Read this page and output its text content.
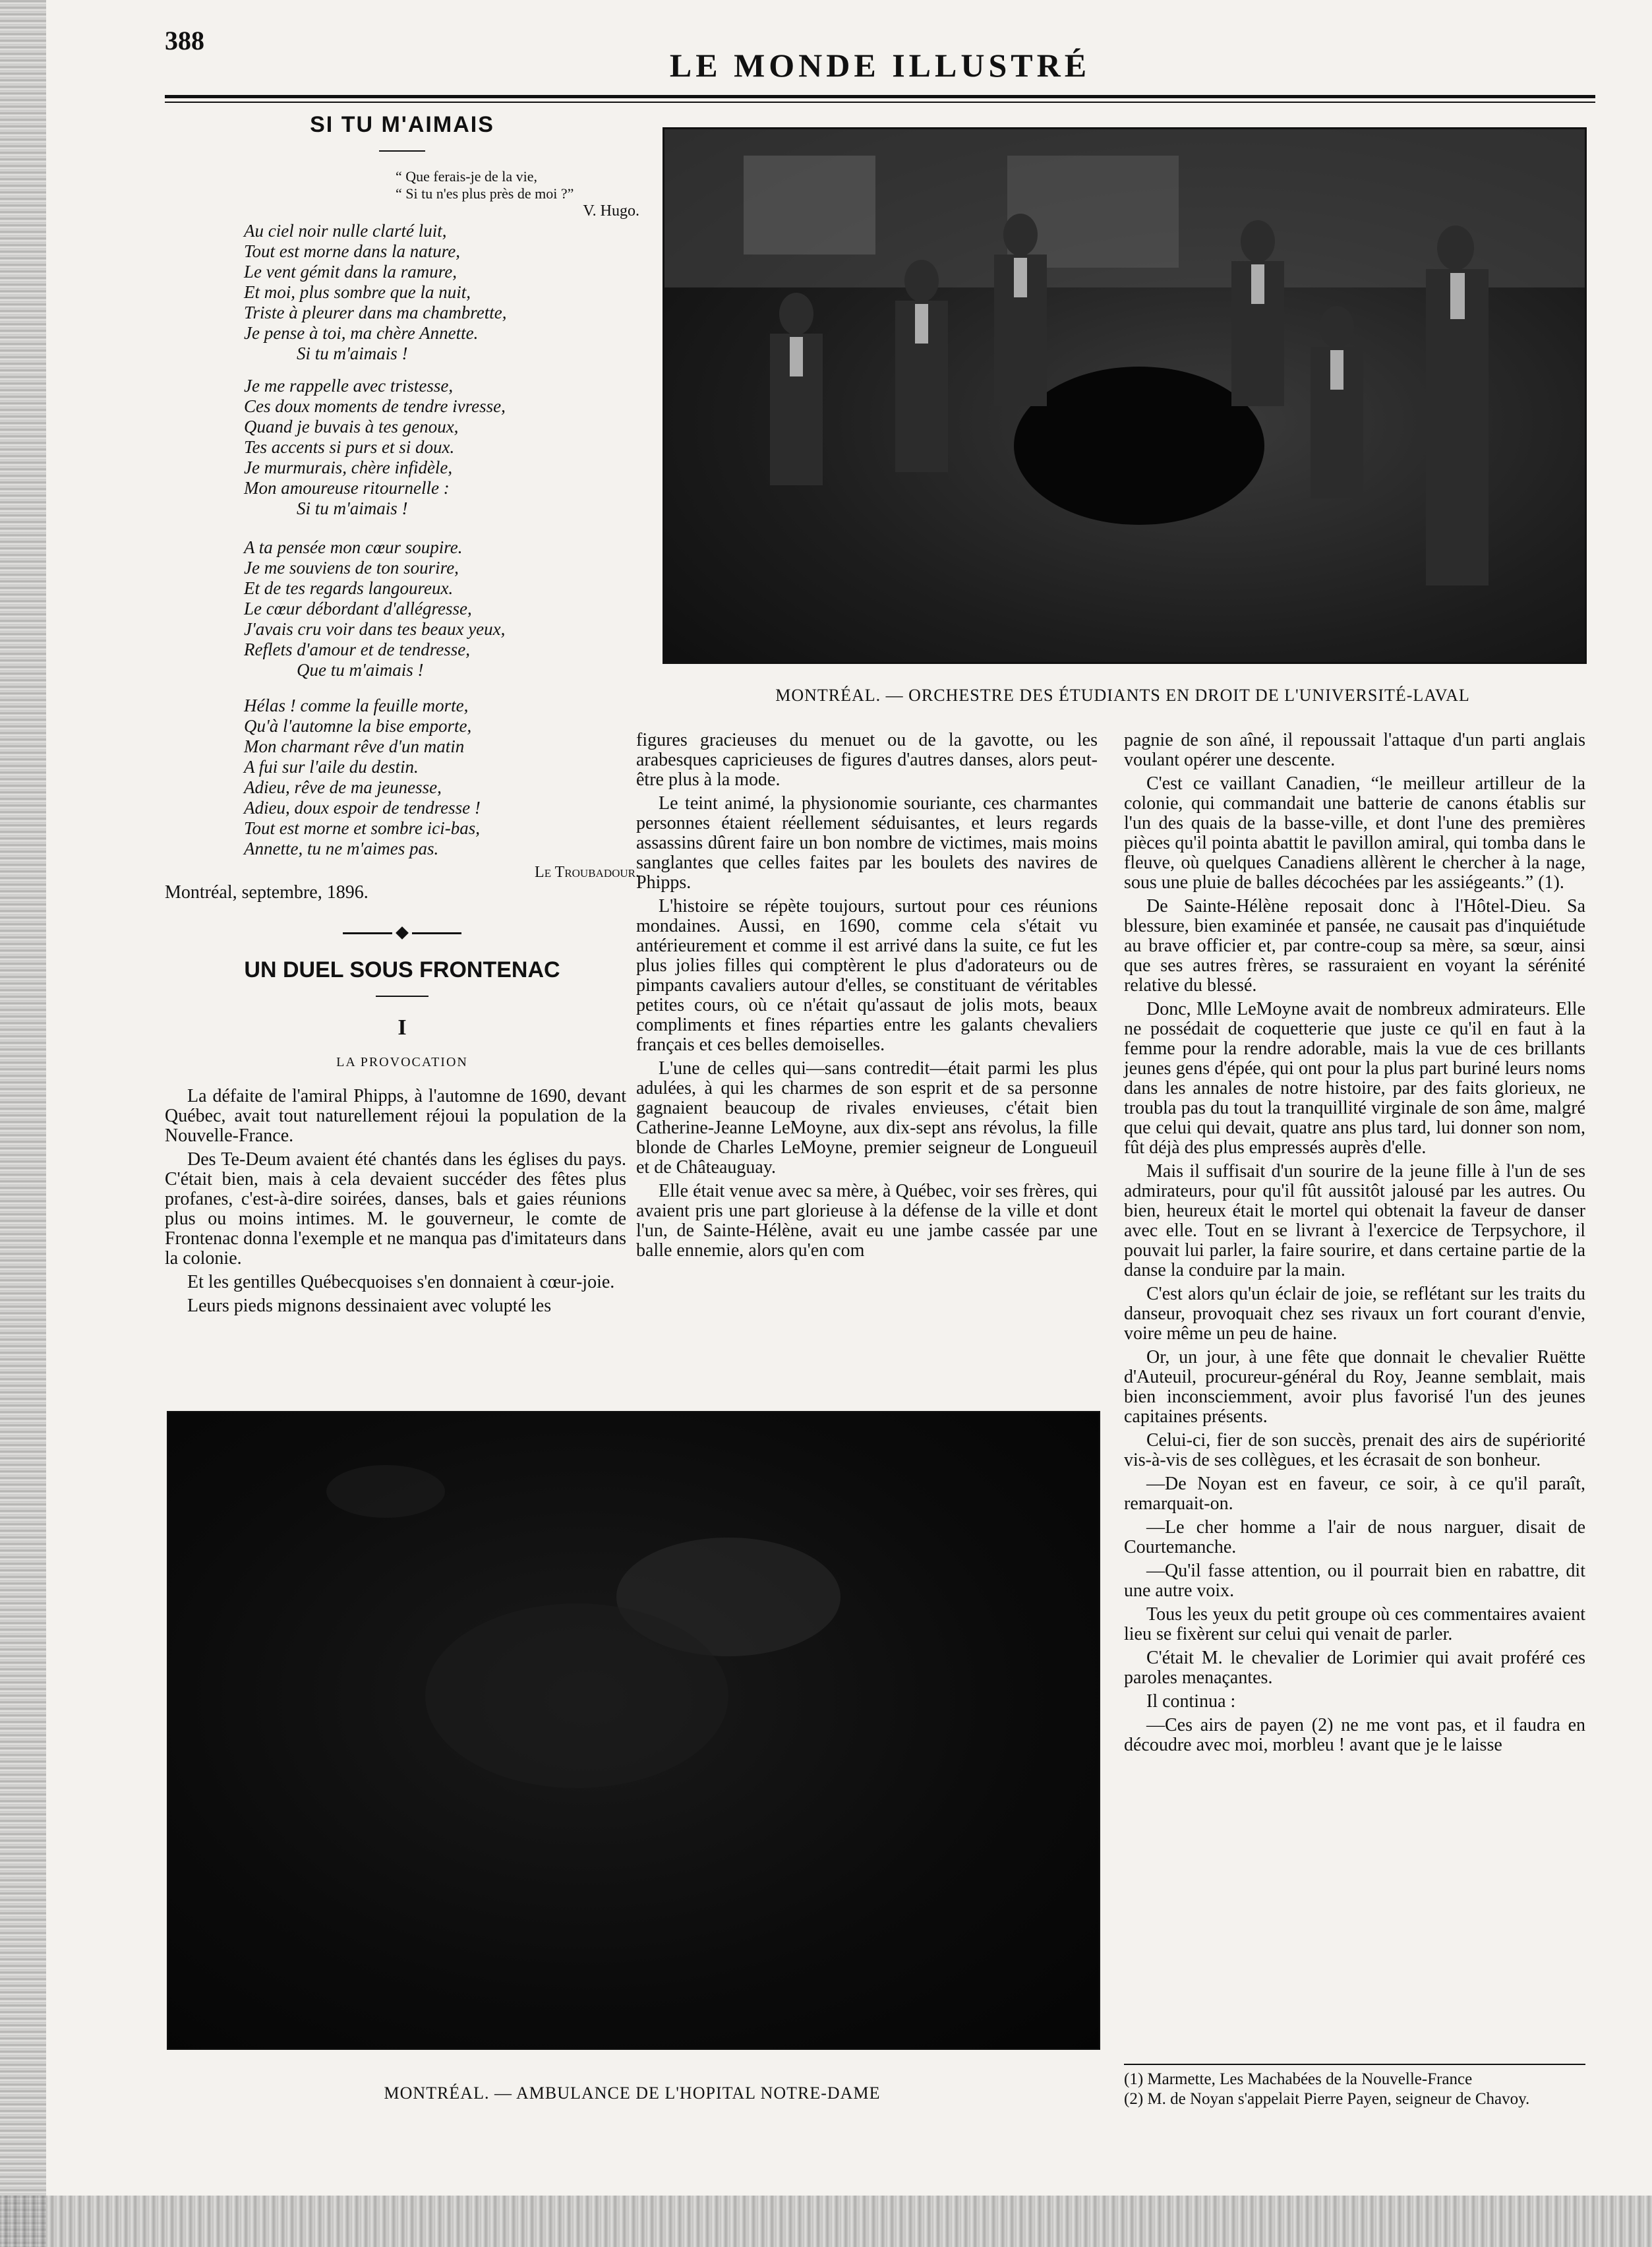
388
LE MONDE ILLUSTRÉ
SI TU M'AIMAIS
“ Que ferais-je de la vie,
“ Si tu n'es plus près de moi ?”
V. Hugo.
Au ciel noir nulle clarté luit,
Tout est morne dans la nature,
Le vent gémit dans la ramure,
Et moi, plus sombre que la nuit,
Triste à pleurer dans ma chambrette,
Je pense à toi, ma chère Annette.
Si tu m'aimais !
Je me rappelle avec tristesse,
Ces doux moments de tendre ivresse,
Quand je buvais à tes genoux,
Tes accents si purs et si doux.
Je murmurais, chère infidèle,
Mon amoureuse ritournelle :
Si tu m'aimais !
A ta pensée mon cœur soupire.
Je me souviens de ton sourire,
Et de tes regards langoureux.
Le cœur débordant d'allégresse,
J'avais cru voir dans tes beaux yeux,
Reflets d'amour et de tendresse,
Que tu m'aimais !
Hélas ! comme la feuille morte,
Qu'à l'automne la bise emporte,
Mon charmant rêve d'un matin
A fui sur l'aile du destin.
Adieu, rêve de ma jeunesse,
Adieu, doux espoir de tendresse !
Tout est morne et sombre ici-bas,
Annette, tu ne m'aimes pas.
Le Troubadour.
Montréal, septembre, 1896.
UN DUEL SOUS FRONTENAC
I
LA PROVOCATION

La défaite de l'amiral Phipps, à l'automne de 1690, devant Québec, avait tout naturellement réjoui la population de la Nouvelle-France.

Des Te-Deum avaient été chantés dans les églises du pays. C'était bien, mais à cela devaient succéder des fêtes plus profanes, c'est-à-dire soirées, danses, bals et gaies réunions plus ou moins intimes. M. le gouverneur, le comte de Frontenac donna l'exemple et ne manqua pas d'imitateurs dans la colonie.

Et les gentilles Québecquoises s'en donnaient à cœur-joie.

Leurs pieds mignons dessinaient avec volupté les

MONTRÉAL. — ORCHESTRE DES ÉTUDIANTS EN DROIT DE L'UNIVERSITÉ-LAVAL

figures gracieuses du menuet ou de la gavotte, ou les arabesques capricieuses de figures d'autres danses, alors peut-être plus à la mode.

Le teint animé, la physionomie souriante, ces charmantes personnes étaient réellement séduisantes, et leurs regards assassins dûrent faire un bon nombre de victimes, mais moins sanglantes que celles faites par les boulets des navires de Phipps.

L'histoire se répète toujours, surtout pour ces réunions mondaines. Aussi, en 1690, comme cela s'était vu antérieurement et comme il est arrivé dans la suite, ce fut les plus jolies filles qui comptèrent le plus d'adorateurs ou de pimpants cavaliers autour d'elles, se constituant de véritables petites cours, où ce n'était qu'assaut de jolis mots, beaux compliments et fines réparties entre les galants chevaliers français et ces belles demoiselles.

L'une de celles qui—sans contredit—était parmi les plus adulées, à qui les charmes de son esprit et de sa personne gagnaient beaucoup de rivales envieuses, c'était bien Catherine-Jeanne LeMoyne, aux dix-sept ans révolus, la fille blonde de Charles LeMoyne, premier seigneur de Longueuil et de Châteauguay.

Elle était venue avec sa mère, à Québec, voir ses frères, qui avaient pris une part glorieuse à la défense de la ville et dont l'un, de Sainte-Hélène, avait eu une jambe cassée par une balle ennemie, alors qu'en com

pagnie de son aîné, il repoussait l'attaque d'un parti anglais voulant opérer une descente.

C'est ce vaillant Canadien, “le meilleur artilleur de la colonie, qui commandait une batterie de canons établis sur l'un des quais de la basse-ville, et dont l'une des premières pièces qu'il pointa abattit le pavillon amiral, qui tomba dans le fleuve, où quelques Canadiens allèrent le chercher à la nage, sous une pluie de balles décochées par les assiégeants.” (1).

De Sainte-Hélène reposait donc à l'Hôtel-Dieu. Sa blessure, bien examinée et pansée, ne causait pas d'inquiétude au brave officier et, par contre-coup sa mère, sa sœur, ainsi que ses autres frères, se rassuraient en voyant la sérénité relative du blessé.

Donc, Mlle LeMoyne avait de nombreux admirateurs. Elle ne possédait de coquetterie que juste ce qu'il en faut à la femme pour la rendre adorable, mais la vue de ces brillants jeunes gens d'épée, qui ont pour la plus part buriné leurs noms dans les annales de notre histoire, par des faits glorieux, ne troubla pas du tout la tranquillité virginale de son âme, malgré que celui qui devait, quatre ans plus tard, lui donner son nom, fût déjà des plus empressés auprès d'elle.

Mais il suffisait d'un sourire de la jeune fille à l'un de ses admirateurs, pour qu'il fût aussitôt jalousé par les autres. Ou bien, heureux était le mortel qui obtenait la faveur de danser avec elle. Tout en se livrant à l'exercice de Terpsychore, il pouvait lui parler, la faire sourire, et dans certaine partie de la danse la conduire par la main.

C'est alors qu'un éclair de joie, se reflétant sur les traits du danseur, provoquait chez ses rivaux un fort courant d'envie, voire même un peu de haine.

Or, un jour, à une fête que donnait le chevalier Ruëtte d'Auteuil, procureur-général du Roy, Jeanne semblait, mais bien inconsciemment, avoir plus favorisé l'un des jeunes capitaines présents.

Celui-ci, fier de son succès, prenait des airs de supériorité vis-à-vis de ses collègues, et les écrasait de son bonheur.

—De Noyan est en faveur, ce soir, à ce qu'il paraît, remarquait-on.

—Le cher homme a l'air de nous narguer, disait de Courtemanche.

—Qu'il fasse attention, ou il pourrait bien en rabattre, dit une autre voix.

Tous les yeux du petit groupe où ces commentaires avaient lieu se fixèrent sur celui qui venait de parler.

C'était M. le chevalier de Lorimier qui avait proféré ces paroles menaçantes.

Il continua :

—Ces airs de payen (2) ne me vont pas, et il faudra en découdre avec moi, morbleu ! avant que je le laisse

MONTRÉAL. — AMBULANCE DE L'HOPITAL NOTRE-DAME
(1) Marmette, Les Machabées de la Nouvelle-France
(2) M. de Noyan s'appelait Pierre Payen, seigneur de Chavoy.
